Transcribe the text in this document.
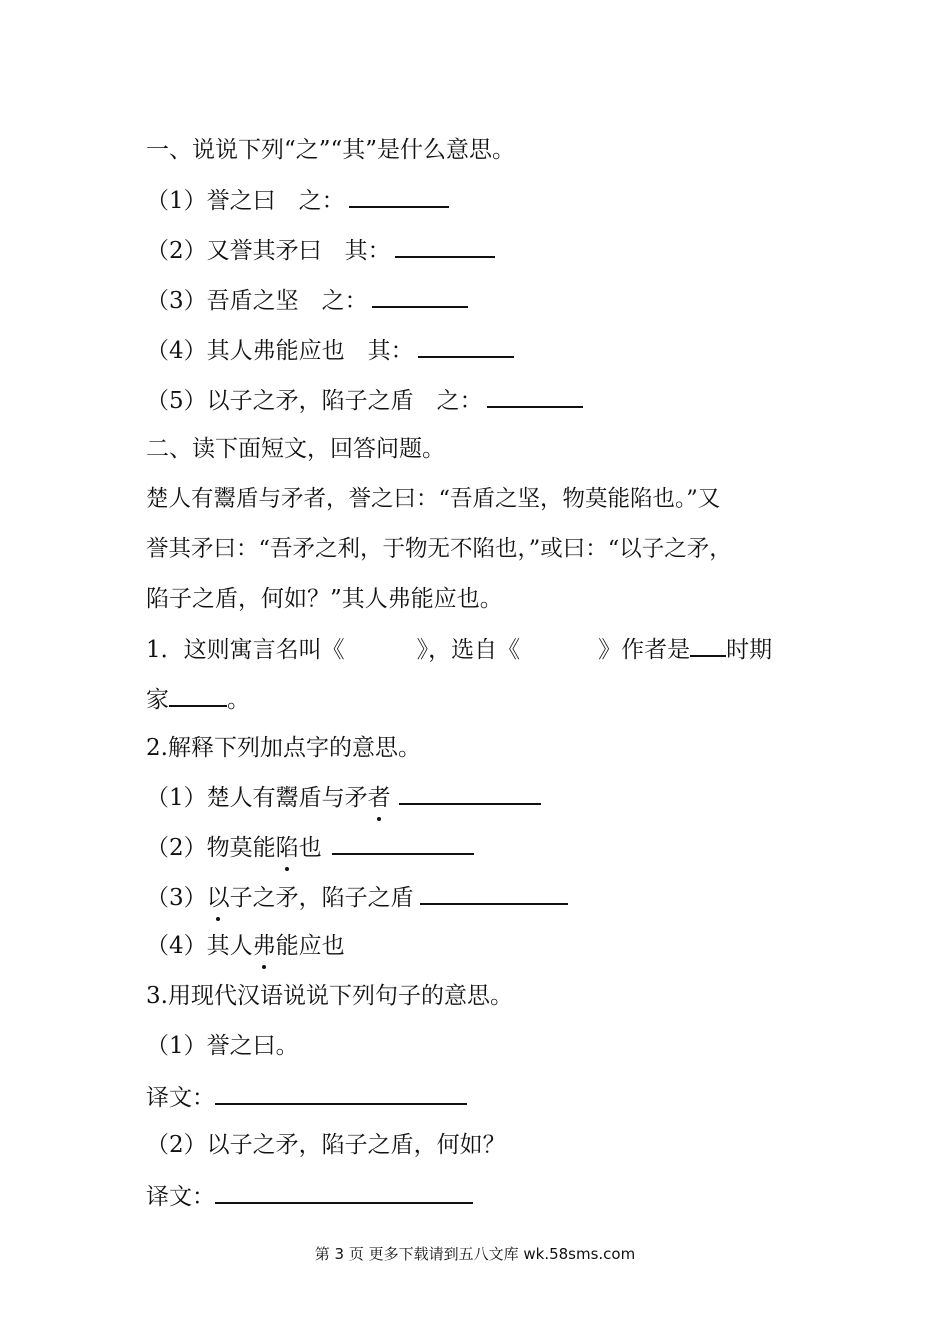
一、说说下列“之”“其”是什么意思。
（1）誉之曰　之：
（2）又誉其矛曰　其：
（3）吾盾之坚　之：
（4）其人弗能应也　其：
（5）以子之矛，陷子之盾　之：
二、读下面短文，回答问题。
楚人有鬻盾与矛者，誉之曰：“吾盾之坚，物莫能陷也。”又
誉其矛曰：“吾矛之利，于物无不陷也，”或曰：“以子之矛，
陷子之盾，何如？”其人弗能应也。
1．这则寓言名叫《	》，选自《	》作者是 时期
家	。
2.解释下列加点字的意思。
（1）楚人有鬻盾与矛者
（2）物莫能陷也
（3）以子之矛，陷子之盾
（4）其人弗能应也
3.用现代汉语说说下列句子的意思。
（1）誉之曰。
译文：
（2）以子之矛，陷子之盾，何如？
译文：
第 3 页 更多下载请到五八文库 wk.58sms.com
